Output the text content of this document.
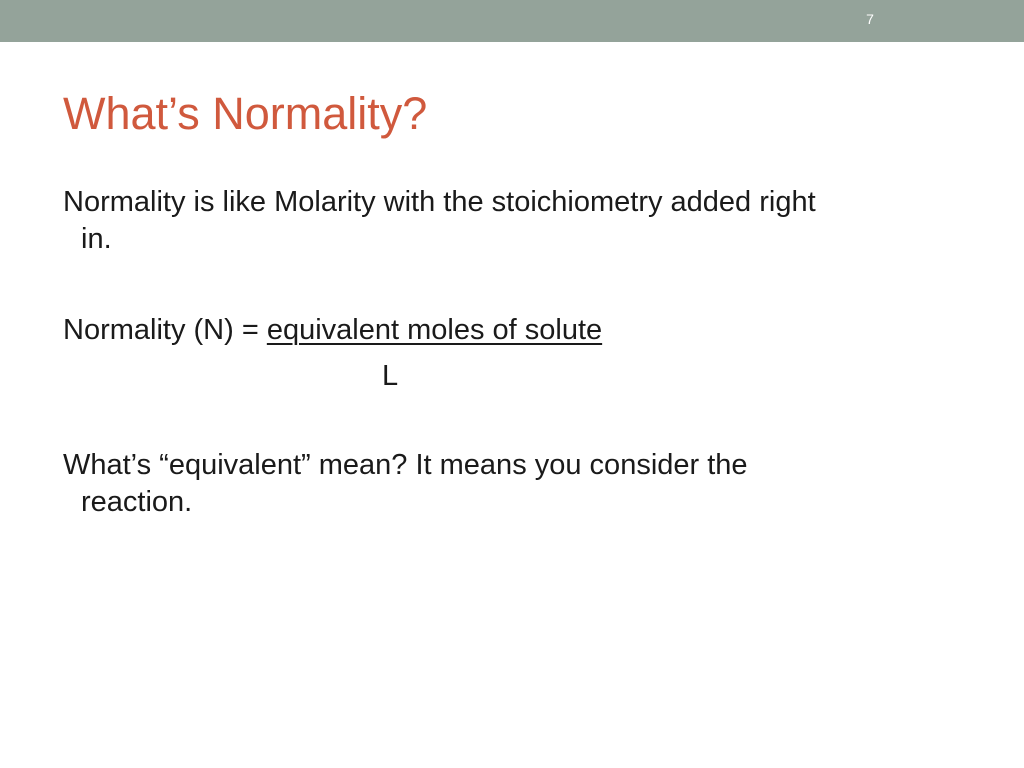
7
What’s Normality?

Normality is like Molarity with the stoichiometry added right

in.

Normality (N) = equivalent moles of solute

L

What’s “equivalent” mean? It means you consider the

reaction.
